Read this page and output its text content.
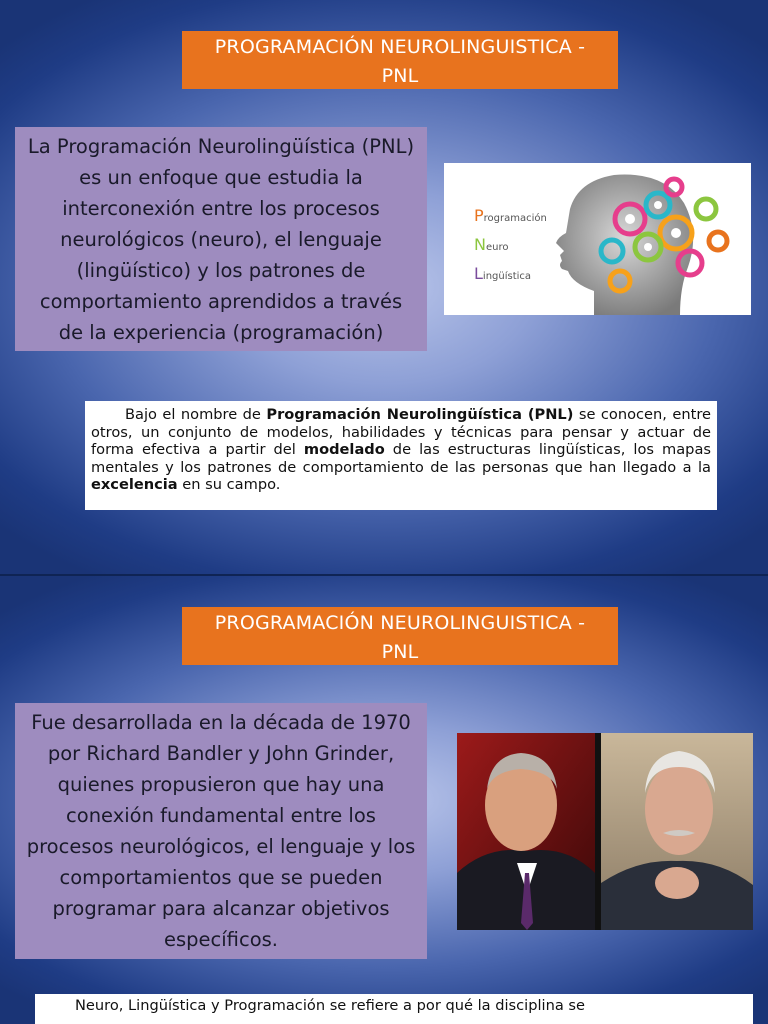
PROGRAMACIÓN NEUROLINGUISTICA -
PNL
La Programación Neurolingüística (PNL) es un enfoque que estudia la interconexión entre los procesos neurológicos (neuro), el lenguaje (lingüístico) y los patrones de comportamiento aprendidos a través de la experiencia (programación)
Programación
Neuro
Lingüística
Bajo el nombre de Programación Neurolingüística (PNL) se conocen, entre otros, un conjunto de modelos, habilidades y técnicas para pensar y actuar de forma efectiva a partir del modelado de las estructuras lingüísticas, los mapas mentales y los patrones de comportamiento de las personas que han llegado a la excelencia en su campo.
PROGRAMACIÓN NEUROLINGUISTICA -
PNL
Fue desarrollada en la década de 1970 por Richard Bandler y John Grinder, quienes propusieron que hay una conexión fundamental entre los procesos neurológicos, el lenguaje y los comportamientos que se pueden programar para alcanzar objetivos específicos.
Neuro, Lingüística y Programación se refiere a por qué la disciplina se
